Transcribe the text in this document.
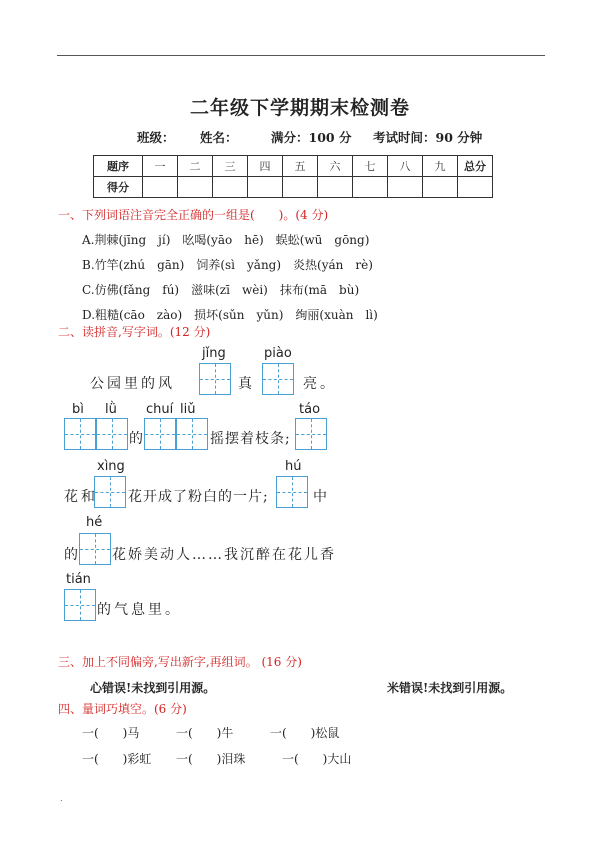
二年级下学期期末检测卷
班级： 姓名：	满分：100 分 考试时间：90 分钟
题序	一	二	三	四	五	六	七	八	九	总分
得分										
一、下列词语注音完全正确的一组是(　　)。(4 分)
A.荆棘(jīng　jí)　吆喝(yāo　hē)　蜈蚣(wū　gōng)
B.竹竿(zhú　gān)　饲养(sì　yǎng)　炎热(yán　rè)
C.仿佛(fǎng　fú)　滋味(zī　wèi)　抹布(mā　bù)
D.粗糙(cāo　zào)　损坏(sǔn　yǔn)　绚丽(xuàn　lì)
二、读拼音,写字词。(12 分)
jǐng	piào
公园里的风	真	亮。
bì lǜ chuí liǔ	táo
的	摇摆着枝条;
xìng	hú
花和 花开成了粉白的一片;	中
hé
的 花娇美动人……我沉醉在花儿香
tián
的气息里。
三、加上不同偏旁,写出新字,再组词。 (16 分)
心错误!未找到引用源。	米错误!未找到引用源。
四、量词巧填空。(6 分)
一(　　)马	一(　　)牛	一(　　)松鼠
一(　　)彩虹 一(　　)泪珠	一(　　)大山
.
